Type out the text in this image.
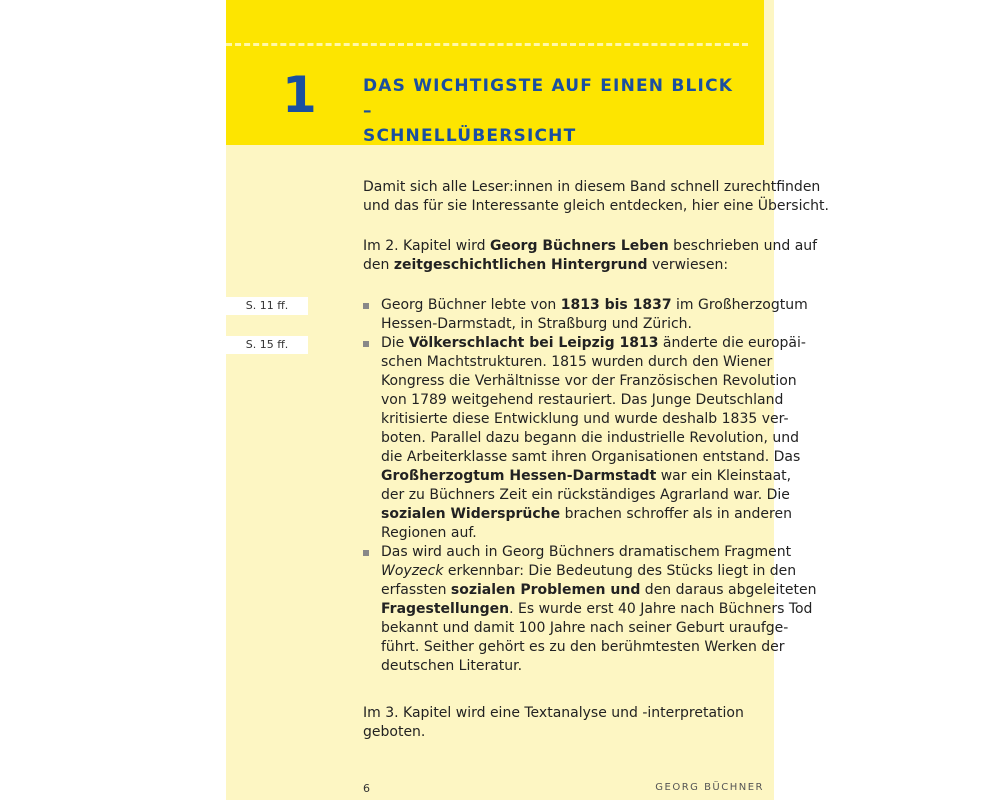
1	DAS WICHTIGSTE AUF EINEN BLICK –
SCHNELLÜBERSICHT
Damit sich alle Leser:innen in diesem Band schnell zurechtfinden
und das für sie Interessante gleich entdecken, hier eine Übersicht.
Im 2. Kapitel wird Georg Büchners Leben beschrieben und auf
den zeitgeschichtlichen Hintergrund verwiesen:
S. 11 ff.
S. 15 ff.
Georg Büchner lebte von 1813 bis 1837 im Großherzogtum
Hessen-Darmstadt, in Straßburg und Zürich.
Die Völkerschlacht bei Leipzig 1813 änderte die europäi-
schen Machtstrukturen. 1815 wurden durch den Wiener
Kongress die Verhältnisse vor der Französischen Revolution
von 1789 weitgehend restauriert. Das Junge Deutschland
kritisierte diese Entwicklung und wurde deshalb 1835 ver-
boten. Parallel dazu begann die industrielle Revolution, und
die Arbeiterklasse samt ihren Organisationen entstand. Das
Großherzogtum Hessen-Darmstadt war ein Kleinstaat,
der zu Büchners Zeit ein rückständiges Agrarland war. Die
sozialen Widersprüche brachen schroffer als in anderen
Regionen auf.
Das wird auch in Georg Büchners dramatischem Fragment
Woyzeck erkennbar: Die Bedeutung des Stücks liegt in den
erfassten sozialen Problemen und den daraus abgeleiteten
Fragestellungen. Es wurde erst 40 Jahre nach Büchners Tod
bekannt und damit 100 Jahre nach seiner Geburt uraufge-
führt. Seither gehört es zu den berühmtesten Werken der
deutschen Literatur.
Im 3. Kapitel wird eine Textanalyse und -interpretation geboten.
6	GEORG BÜCHNER
